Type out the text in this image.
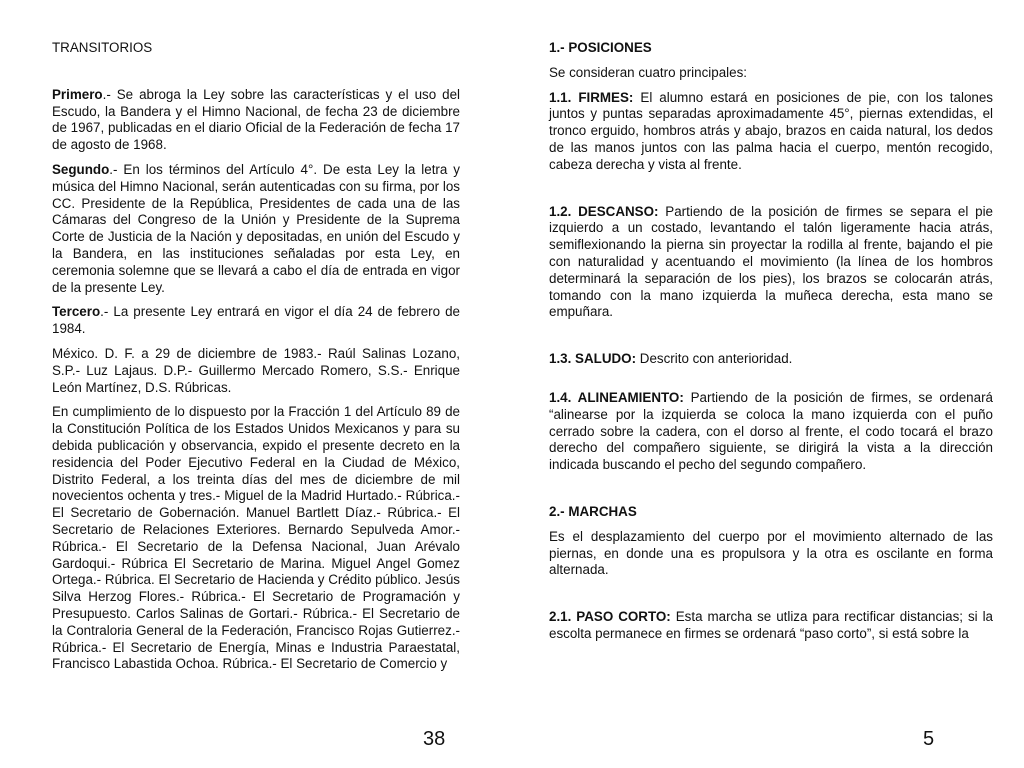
TRANSITORIOS

Primero.- Se abroga la Ley sobre las características y el uso del Escudo, la Bandera y el Himno Nacional, de fecha 23 de diciembre de 1967, publicadas en el diario Oficial de la Federación de fecha 17 de agosto de 1968.

Segundo.- En los términos del Artículo 4°. De esta Ley la letra y música del Himno Nacional, serán autenticadas con su firma, por los CC. Presidente de la República, Presidentes de cada una de las Cámaras del Congreso de la Unión y Presidente de la Suprema Corte de Justicia de la Nación y depositadas, en unión del Escudo y la Bandera, en las instituciones señaladas por esta Ley, en ceremonia solemne que se llevará a cabo el día de entrada en vigor de la presente Ley.

Tercero.- La presente Ley entrará en vigor el día 24 de febrero de 1984.

México. D. F. a 29 de diciembre de 1983.- Raúl Salinas Lozano, S.P.- Luz Lajaus. D.P.- Guillermo Mercado Romero, S.S.- Enrique León Martínez, D.S. Rúbricas.

En cumplimiento de lo dispuesto por la Fracción 1 del Artículo 89 de la Constitución Política de los Estados Unidos Mexicanos y para su debida publicación y observancia, expido el presente decreto en la residencia del Poder Ejecutivo Federal en la Ciudad de México, Distrito Federal, a los treinta días del mes de diciembre de mil novecientos ochenta y tres.- Miguel de la Madrid Hurtado.- Rúbrica.- El Secretario de Gobernación. Manuel Bartlett Díaz.- Rúbrica.- El Secretario de Relaciones Exteriores. Bernardo Sepulveda Amor.- Rúbrica.- El Secretario de la Defensa Nacional, Juan Arévalo Gardoqui.- Rúbrica El Secretario de Marina. Miguel Angel Gomez Ortega.- Rúbrica. El Secretario de Hacienda y Crédito público. Jesús Silva Herzog Flores.- Rúbrica.- El Secretario de Programación y Presupuesto. Carlos Salinas de Gortari.- Rúbrica.- El Secretario de la Contraloria General de la Federación, Francisco Rojas Gutierrez.- Rúbrica.- El Secretario de Energía, Minas e Industria Paraestatal, Francisco Labastida Ochoa. Rúbrica.- El Secretario de Comercio y

38

1.- POSICIONES

Se consideran cuatro principales:

1.1. FIRMES: El alumno estará en posiciones de pie, con los talones juntos y puntas separadas aproximadamente 45°, piernas extendidas, el tronco erguido, hombros atrás y abajo, brazos en caida natural, los dedos de las manos juntos con las palma hacia el cuerpo, mentón recogido, cabeza derecha y vista al frente.

1.2. DESCANSO: Partiendo de la posición de firmes se separa el pie izquierdo a un costado, levantando el talón ligeramente hacia atrás, semiflexionando la pierna sin proyectar la rodilla al frente, bajando el pie con naturalidad y acentuando el movimiento (la línea de los hombros determinará la separación de los pies), los brazos se colocarán atrás, tomando con la mano izquierda la muñeca derecha, esta mano se empuñara.

1.3. SALUDO: Descrito con anterioridad.

1.4. ALINEAMIENTO: Partiendo de la posición de firmes, se ordenará “alinearse por la izquierda se coloca la mano izquierda con el puño cerrado sobre la cadera, con el dorso al frente, el codo tocará el brazo derecho del compañero siguiente, se dirigirá la vista a la dirección indicada buscando el pecho del segundo compañero.

2.- MARCHAS

Es el desplazamiento del cuerpo por el movimiento alternado de las piernas, en donde una es propulsora y la otra es oscilante en forma alternada.

2.1. PASO CORTO: Esta marcha se utliza para rectificar distancias; si la escolta permanece en firmes se ordenará “paso corto”, si está sobre la

5
